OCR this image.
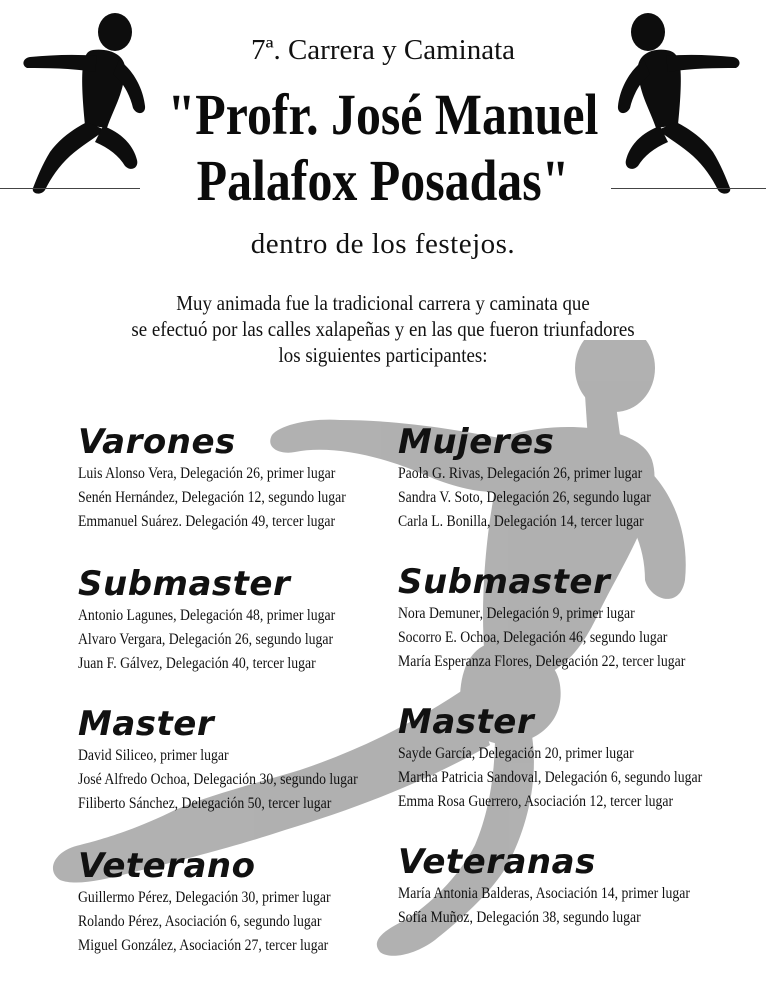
7ª. Carrera y Caminata
"Profr. José Manuel
Palafox Posadas"
dentro de los festejos.
Muy animada fue la tradicional carrera y caminata que
se efectuó por las calles xalapeñas y en las que fueron triunfadores
los siguientes participantes:
Varones
Luis Alonso Vera, Delegación 26, primer lugar
Senén Hernández, Delegación 12, segundo lugar
Emmanuel Suárez. Delegación 49, tercer lugar
Mujeres
Paola G. Rivas, Delegación 26, primer lugar
Sandra V. Soto, Delegación 26, segundo lugar
Carla L. Bonilla, Delegación 14, tercer lugar
Submaster
Antonio Lagunes, Delegación 48, primer lugar
Alvaro Vergara, Delegación 26, segundo lugar
Juan F. Gálvez, Delegación 40, tercer lugar
Submaster
Nora Demuner, Delegación 9, primer lugar
Socorro E. Ochoa, Delegación 46, segundo lugar
María Esperanza Flores, Delegación 22, tercer lugar
Master
David Siliceo, primer lugar
José Alfredo Ochoa, Delegación 30, segundo lugar
Filiberto Sánchez, Delegación 50, tercer lugar
Master
Sayde García, Delegación 20, primer lugar
Martha Patricia Sandoval, Delegación 6, segundo lugar
Emma Rosa Guerrero, Asociación 12, tercer lugar
Veterano
Guillermo Pérez, Delegación 30, primer lugar
Rolando Pérez, Asociación 6, segundo lugar
Miguel González, Asociación 27, tercer lugar
Veteranas
María Antonia Balderas, Asociación 14, primer lugar
Sofía Muñoz, Delegación 38, segundo lugar
